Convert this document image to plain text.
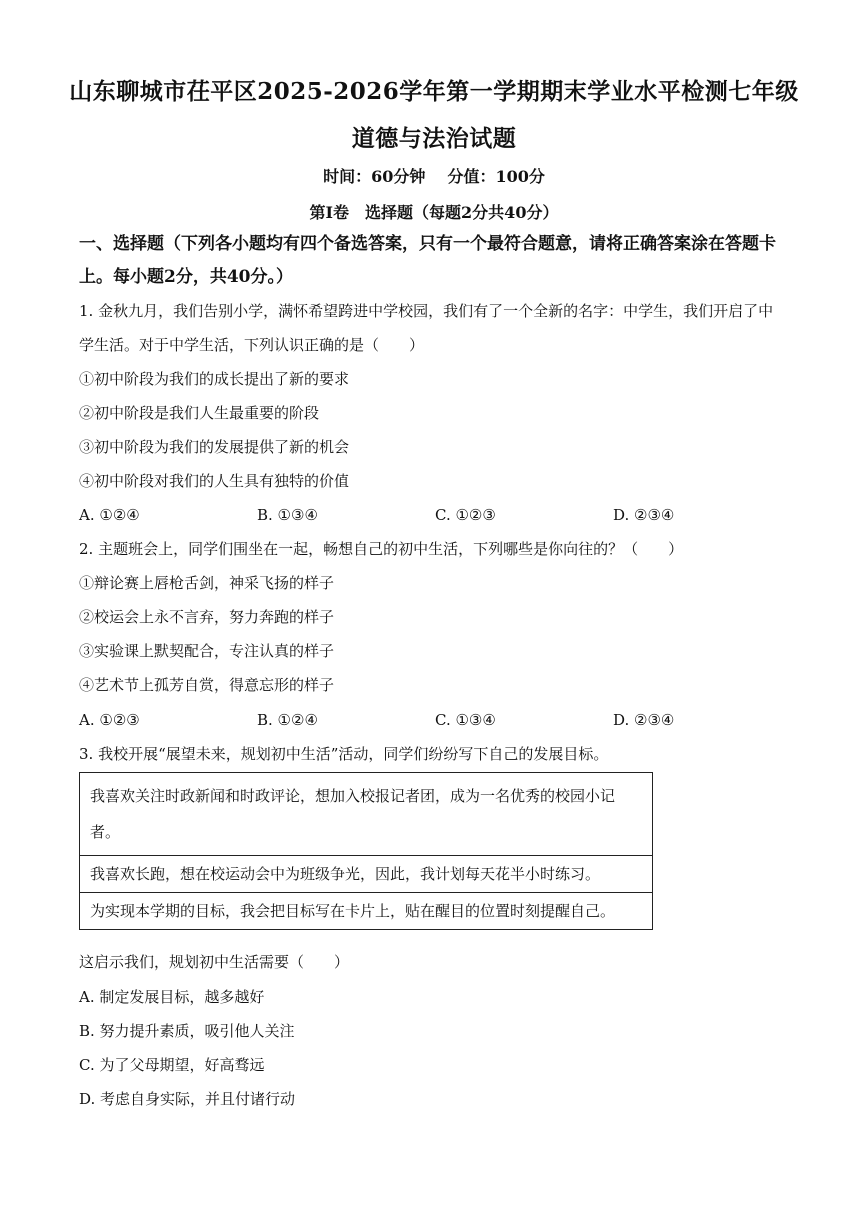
山东聊城市茌平区2025-2026学年第一学期期末学业水平检测七年级
道德与法治试题
时间：60分钟 分值：100分
第Ⅰ卷 选择题（每题2分共40分）
一、选择题（下列各小题均有四个备选答案，只有一个最符合题意，请将正确答案涂在答题卡上。每小题2分，共40分。）
1. 金秋九月，我们告别小学，满怀希望跨进中学校园，我们有了一个全新的名字：中学生，我们开启了中
学生活。对于中学生活，下列认识正确的是（　　）
①初中阶段为我们的成长提出了新的要求
②初中阶段是我们人生最重要的阶段
③初中阶段为我们的发展提供了新的机会
④初中阶段对我们的人生具有独特的价值
A. ①②④	B. ①③④	C. ①②③	D. ②③④
2. 主题班会上，同学们围坐在一起，畅想自己的初中生活，下列哪些是你向往的？（　　）
①辩论赛上唇枪舌剑，神采飞扬的样子
②校运会上永不言弃，努力奔跑的样子
③实验课上默契配合，专注认真的样子
④艺术节上孤芳自赏，得意忘形的样子
A. ①②③	B. ①②④	C. ①③④	D. ②③④
3. 我校开展“展望未来，规划初中生活”活动，同学们纷纷写下自己的发展目标。
我喜欢关注时政新闻和时政评论，想加入校报记者团，成为一名优秀的校园小记者。
我喜欢长跑，想在校运动会中为班级争光，因此，我计划每天花半小时练习。
为实现本学期的目标，我会把目标写在卡片上，贴在醒目的位置时刻提醒自己。
这启示我们，规划初中生活需要（　　）
A. 制定发展目标，越多越好
B. 努力提升素质，吸引他人关注
C. 为了父母期望，好高骛远
D. 考虑自身实际，并且付诸行动
